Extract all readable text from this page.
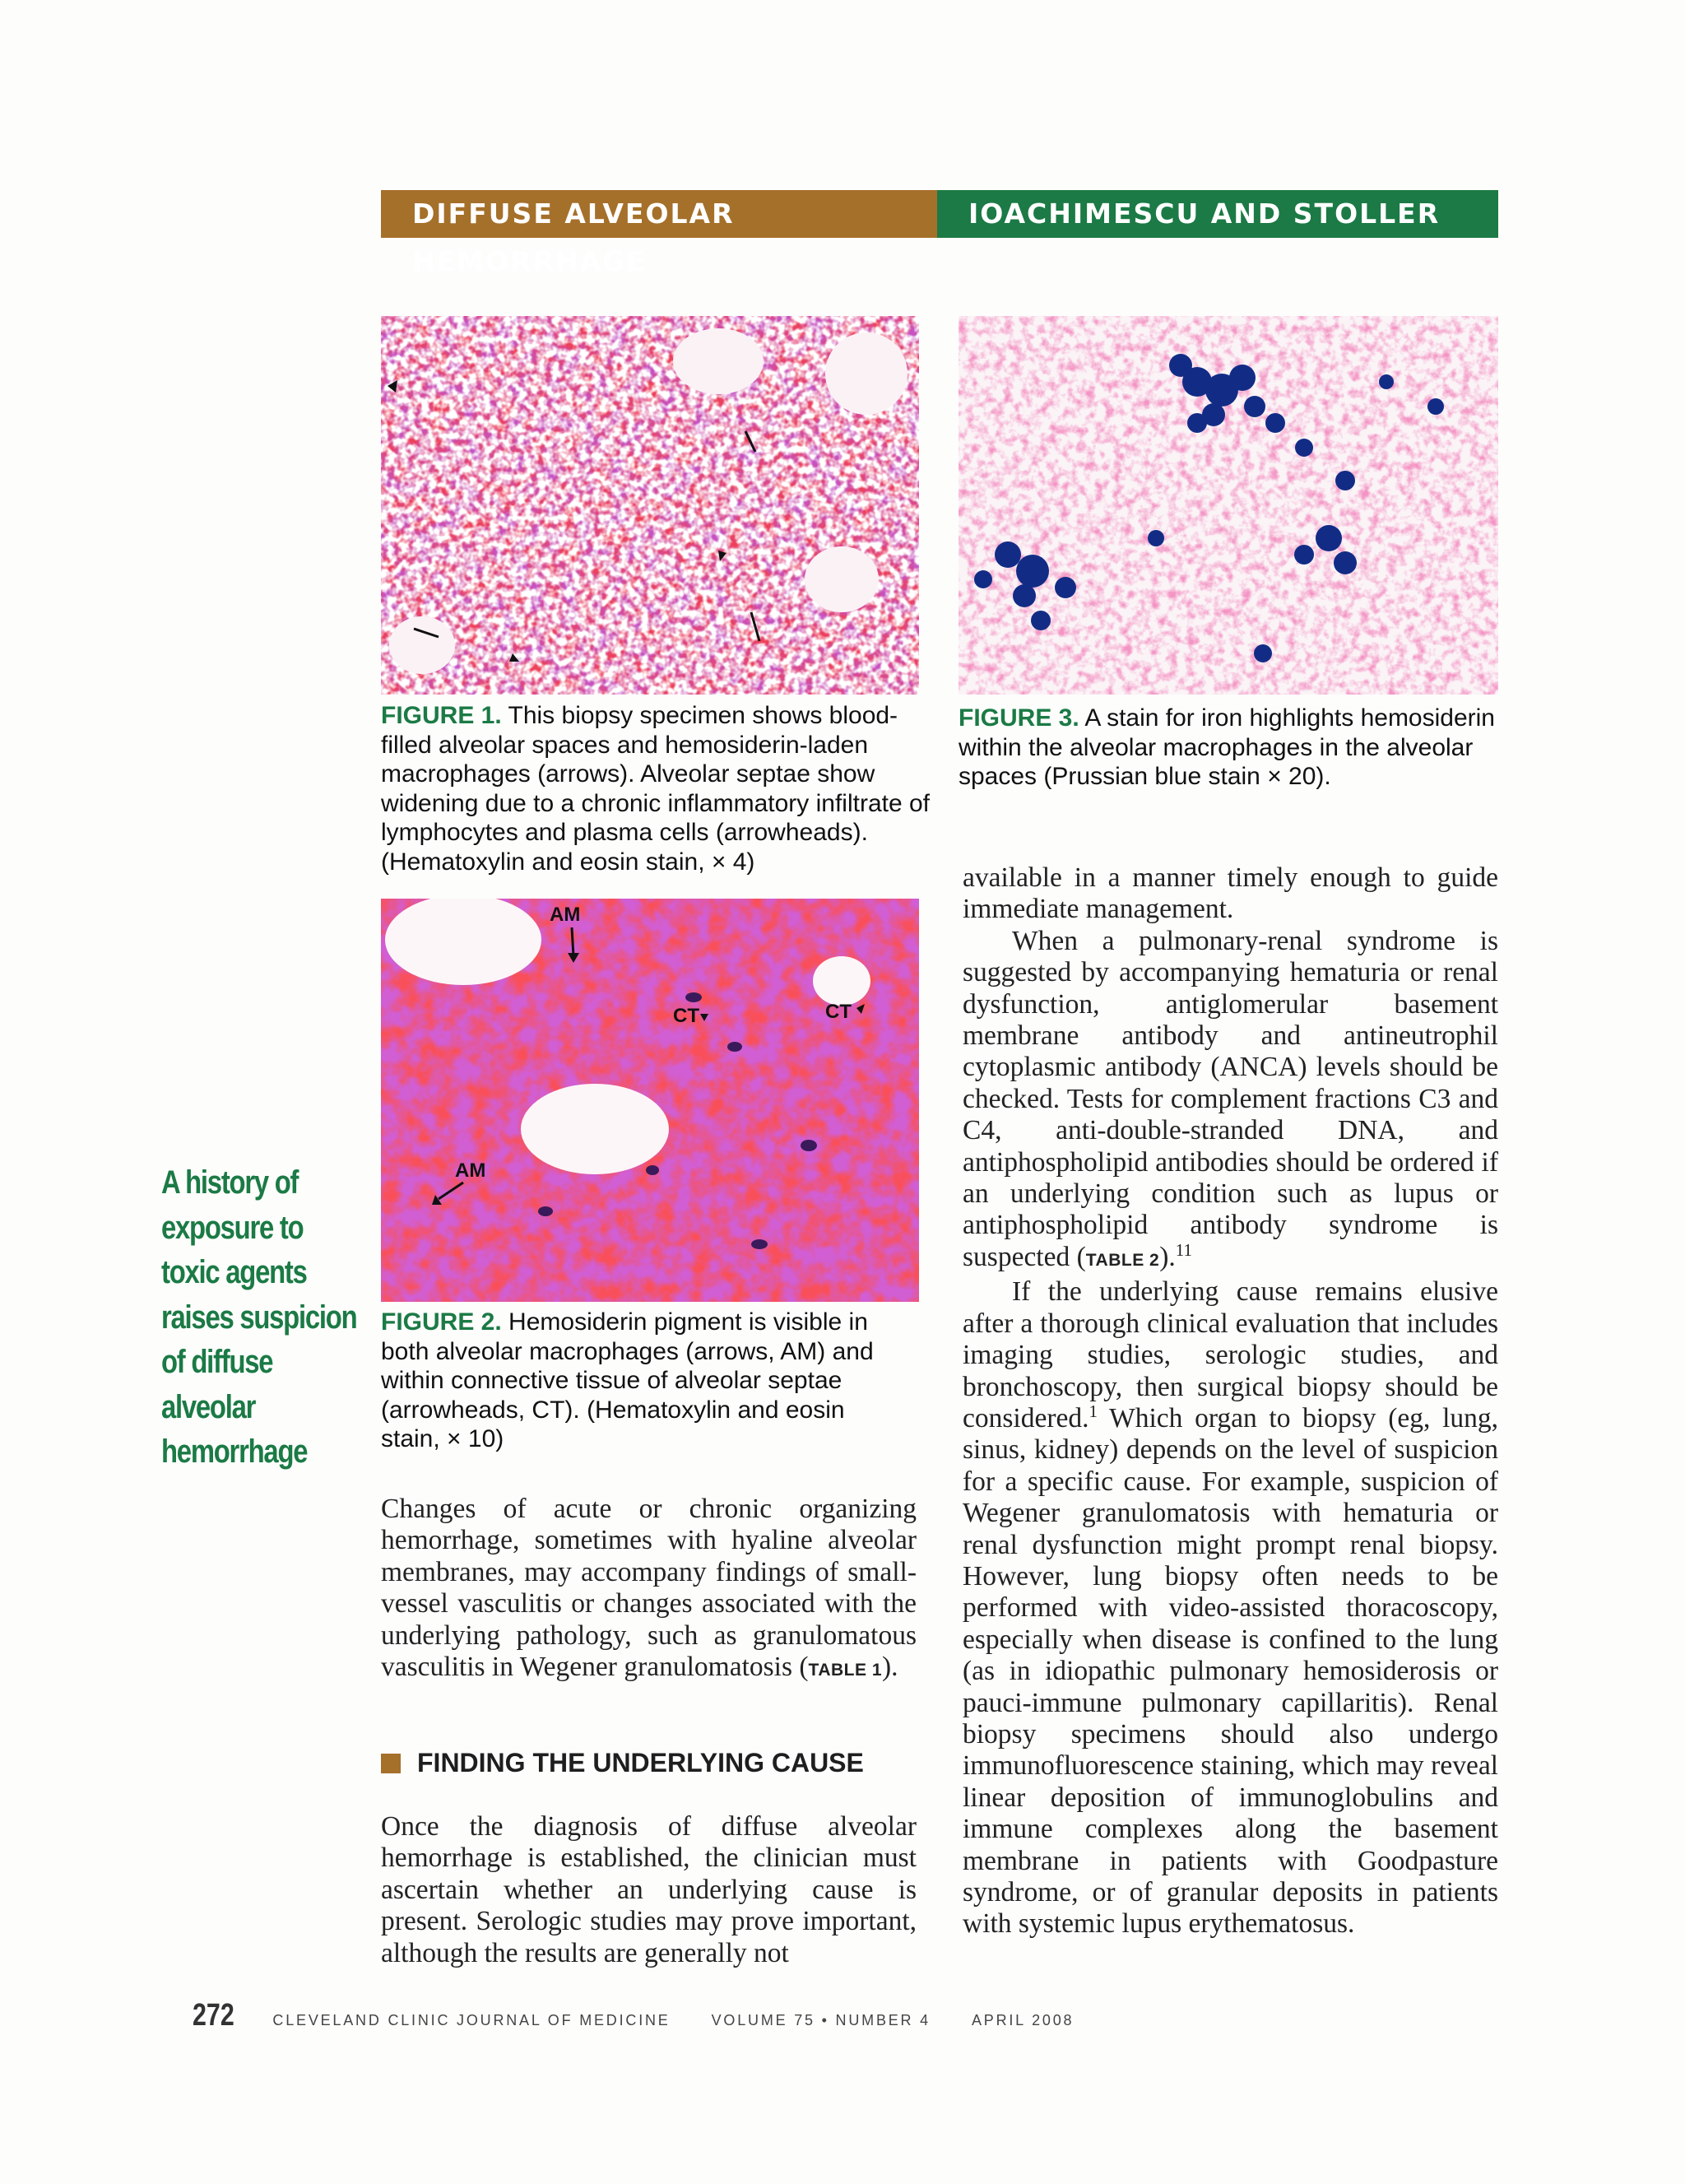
DIFFUSE ALVEOLAR HEMORRHAGE
IOACHIMESCU AND STOLLER
FIGURE 1. This biopsy specimen shows blood-filled alveolar spaces and hemosiderin-laden macrophages (arrows). Alveolar septae show widening due to a chronic inflammatory infiltrate of lymphocytes and plasma cells (arrowheads). (Hematoxylin and eosin stain, × 4)
FIGURE 3. A stain for iron highlights hemosiderin within the alveolar macrophages in the alveolar spaces (Prussian blue stain × 20).
AM
CT	CT
AM
FIGURE 2. Hemosiderin pigment is visible in both alveolar macrophages (arrows, AM) and within connective tissue of alveolar septae (arrowheads, CT). (Hematoxylin and eosin stain, × 10)
A history of
exposure to
toxic agents
raises suspicion
of diffuse
alveolar
hemorrhage

Changes of acute or chronic organizing hemorrhage, sometimes with hyaline alveolar membranes, may accompany findings of small-vessel vasculitis or changes associated with the underlying pathology, such as granulomatous vasculitis in Wegener granulomatosis (TABLE 1).

FINDING THE UNDERLYING CAUSE

Once the diagnosis of diffuse alveolar hemorrhage is established, the clinician must ascertain whether an underlying cause is present. Serologic studies may prove important, although the results are generally not

available in a manner timely enough to guide immediate management.

When a pulmonary-renal syndrome is suggested by accompanying hematuria or renal dysfunction, antiglomerular basement membrane antibody and antineutrophil cytoplasmic antibody (ANCA) levels should be checked. Tests for complement fractions C3 and C4, anti-double-stranded DNA, and antiphospholipid antibodies should be ordered if an underlying condition such as lupus or antiphospholipid antibody syndrome is suspected (TABLE 2).$^{11}$

If the underlying cause remains elusive after a thorough clinical evaluation that includes imaging studies, serologic studies, and bronchoscopy, then surgical biopsy should be considered.$^1$ Which organ to biopsy (eg, lung, sinus, kidney) depends on the level of suspicion for a specific cause. For example, suspicion of Wegener granulomatosis with hematuria or renal dysfunction might prompt renal biopsy. However, lung biopsy often needs to be performed with video-assisted thoracoscopy, especially when disease is confined to the lung (as in idiopathic pulmonary hemosiderosis or pauci-immune pulmonary capillaritis). Renal biopsy specimens should also undergo immunofluorescence staining, which may reveal linear deposition of immunoglobulins and immune complexes along the basement membrane in patients with Goodpasture syndrome, or of granular deposits in patients with systemic lupus erythematosus.

272	CLEVELAND CLINIC JOURNAL OF MEDICINE	VOLUME 75 • NUMBER 4	APRIL 2008
